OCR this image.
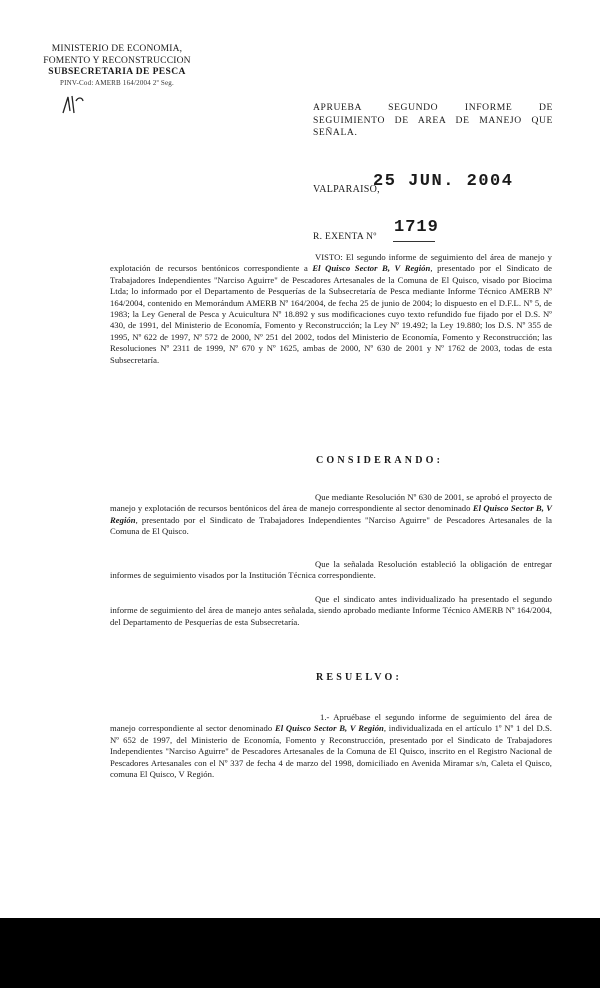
MINISTERIO DE ECONOMIA,
FOMENTO Y RECONSTRUCCION
SUBSECRETARIA DE PESCA
PINV-Cod: AMERB 164/2004 2º Seg.
APRUEBA SEGUNDO INFORME DE SEGUIMIENTO DE AREA DE MANEJO QUE SEÑALA.
VALPARAISO,
25 JUN. 2004
R. EXENTA Nº 1719

VISTO: El segundo informe de seguimiento del área de manejo y explotación de recursos bentónicos correspondiente a El Quisco Sector B, V Región, presentado por el Sindicato de Trabajadores Independientes "Narciso Aguirre" de Pescadores Artesanales de la Comuna de El Quisco, visado por Biocima Ltda; lo informado por el Departamento de Pesquerías de la Subsecretaría de Pesca mediante Informe Técnico AMERB Nº 164/2004, contenido en Memorándum AMERB Nº 164/2004, de fecha 25 de junio de 2004; lo dispuesto en el D.F.L. Nº 5, de 1983; la Ley General de Pesca y Acuicultura Nº 18.892 y sus modificaciones cuyo texto refundido fue fijado por el D.S. Nº 430, de 1991, del Ministerio de Economía, Fomento y Reconstrucción; la Ley Nº 19.492; la Ley 19.880; los D.S. Nº 355 de 1995, Nº 622 de 1997, Nº 572 de 2000, Nº 251 del 2002, todos del Ministerio de Economía, Fomento y Reconstrucción; las Resoluciones Nº 2311 de 1999, Nº 670 y Nº 1625, ambas de 2000, Nº 630 de 2001 y Nº 1762 de 2003, todas de esta Subsecretaría.

CONSIDERANDO:

Que mediante Resolución Nº 630 de 2001, se aprobó el proyecto de manejo y explotación de recursos bentónicos del área de manejo correspondiente al sector denominado El Quisco Sector B, V Región, presentado por el Sindicato de Trabajadores Independientes "Narciso Aguirre" de Pescadores Artesanales de la Comuna de El Quisco.

Que la señalada Resolución estableció la obligación de entregar informes de seguimiento visados por la Institución Técnica correspondiente.

Que el sindicato antes individualizado ha presentado el segundo informe de seguimiento del área de manejo antes señalada, siendo aprobado mediante Informe Técnico AMERB Nº 164/2004, del Departamento de Pesquerías de esta Subsecretaría.

RESUELVO:

1.- Apruébase el segundo informe de seguimiento del área de manejo correspondiente al sector denominado El Quisco Sector B, V Región, individualizada en el artículo 1º Nº 1 del D.S. Nº 652 de 1997, del Ministerio de Economía, Fomento y Reconstrucción, presentado por el Sindicato de Trabajadores Independientes "Narciso Aguirre" de Pescadores Artesanales de la Comuna de El Quisco, inscrito en el Registro Nacional de Pescadores Artesanales con el Nº 337 de fecha 4 de marzo del 1998, domiciliado en Avenida Miramar s/n, Caleta el Quisco, comuna El Quisco, V Región.
